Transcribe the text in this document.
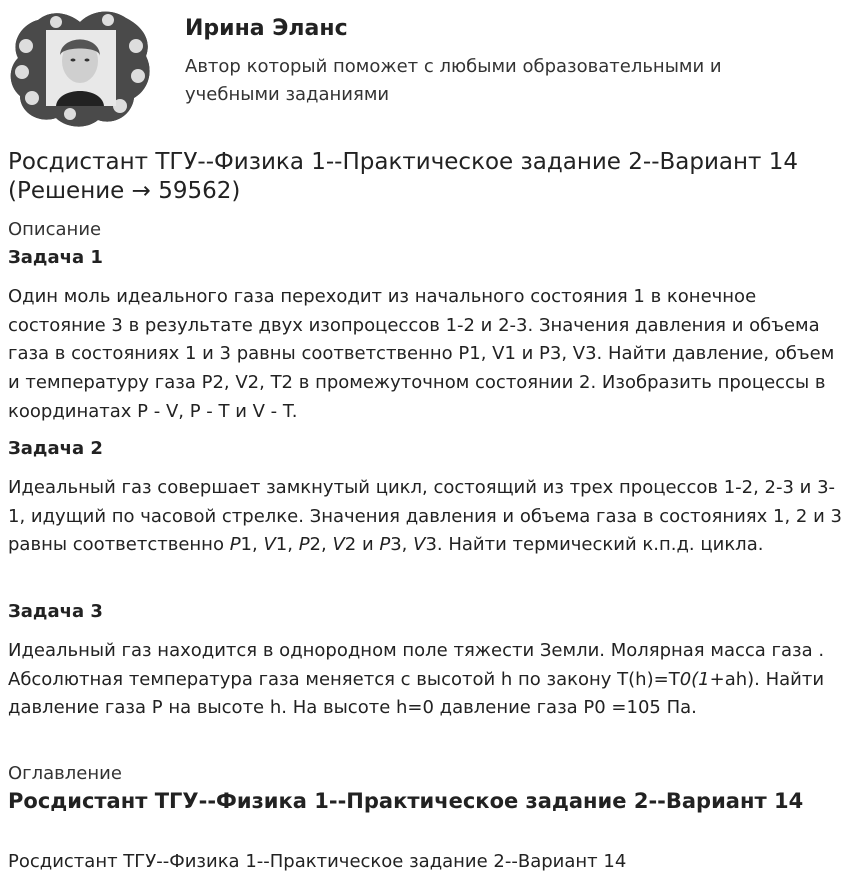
Ирина Эланс
Автор который поможет с любыми образовательными и учебными заданиями
Росдистант ТГУ--Физика 1--Практическое задание 2--Вариант 14 (Решение → 59562)
Описание
Задача 1
Один моль идеального газа переходит из начального состояния 1 в конечное состояние 3 в результате двух изопроцессов 1-2 и 2-3. Значения давления и объема газа в состояниях 1 и 3 равны соответственно P1, V1 и P3, V3. Найти давление, объем и температуру газа P2, V2, T2 в промежуточном состоянии 2. Изобразить процессы в координатах P - V, P - T и V - T.
Задача 2
Идеальный газ совершает замкнутый цикл, состоящий из трех процессов 1-2, 2-3 и 3-1, идущий по часовой стрелке. Значения давления и объема газа в состояниях 1, 2 и 3 равны соответственно P1, V1, P2, V2 и P3, V3. Найти термический к.п.д. цикла.
Задача 3
Идеальный газ находится в однородном поле тяжести Земли. Молярная масса газа . Абсолютная температура газа меняется с высотой h по закону T(h)=T0(1+ah). Найти давление газа P на высоте h. На высоте h=0 давление газа P0 =105 Па.
Оглавление
Росдистант ТГУ--Физика 1--Практическое задание 2--Вариант 14
Росдистант ТГУ--Физика 1--Практическое задание 2--Вариант 14
